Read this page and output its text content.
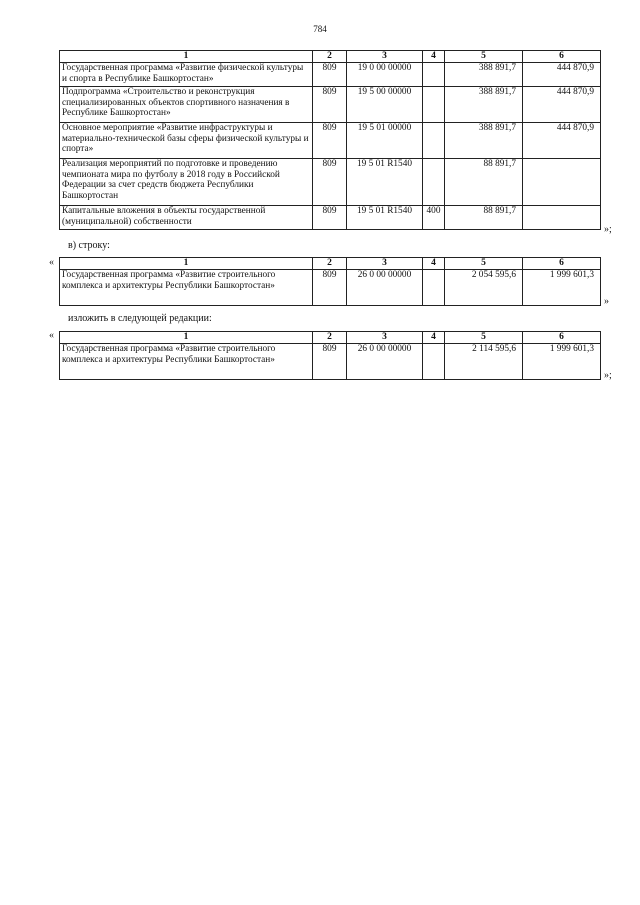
784
1	2	3	4	5	6
Государственная программа «Развитие физической культуры и спорта в Республике Башкортостан»	809	19 0 00 00000		388 891,7	444 870,9
Подпрограмма «Строительство и реконструкция специализированных объектов спортивного назначения в Республике Башкортостан»	809	19 5 00 00000		388 891,7	444 870,9
Основное мероприятие «Развитие инфраструктуры и материально-технической базы сферы физической культуры и спорта»	809	19 5 01 00000		388 891,7	444 870,9
Реализация мероприятий по подготовке и проведению чемпионата мира по футболу в 2018 году в Российской Федерации за счет средств бюджета Республики Башкортостан	809	19 5 01 R1540		88 891,7	
Капитальные вложения в объекты государственной (муниципальной) собственности	809	19 5 01 R1540	400	88 891,7	
»;
в) строку:
«	1	2	3	4	5	6
Государственная программа «Развитие строительного комплекса и архитектуры Республики Башкортостан»	809	26 0 00 00000		2 054 595,6	1 999 601,3
»
изложить в следующей редакции:
«	1	2	3	4	5	6
Государственная программа «Развитие строительного комплекса и архитектуры Республики Башкортостан»	809	26 0 00 00000		2 114 595,6	1 999 601,3
»;
